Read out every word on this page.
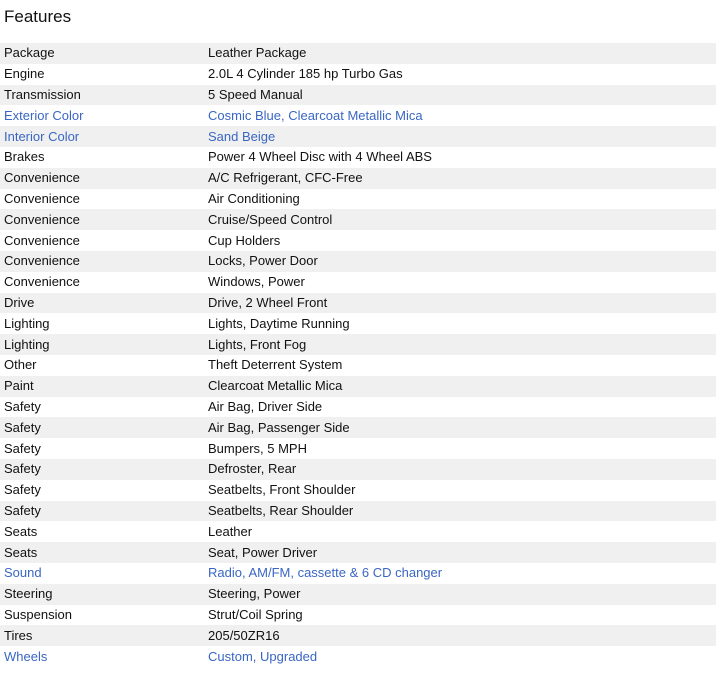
Features
Package	Leather Package
Engine	2.0L 4 Cylinder 185 hp Turbo Gas
Transmission	5 Speed Manual
Exterior Color	Cosmic Blue, Clearcoat Metallic Mica
Interior Color	Sand Beige
Brakes	Power 4 Wheel Disc with 4 Wheel ABS
Convenience	A/C Refrigerant, CFC-Free
Convenience	Air Conditioning
Convenience	Cruise/Speed Control
Convenience	Cup Holders
Convenience	Locks, Power Door
Convenience	Windows, Power
Drive	Drive, 2 Wheel Front
Lighting	Lights, Daytime Running
Lighting	Lights, Front Fog
Other	Theft Deterrent System
Paint	Clearcoat Metallic Mica
Safety	Air Bag, Driver Side
Safety	Air Bag, Passenger Side
Safety	Bumpers, 5 MPH
Safety	Defroster, Rear
Safety	Seatbelts, Front Shoulder
Safety	Seatbelts, Rear Shoulder
Seats	Leather
Seats	Seat, Power Driver
Sound	Radio, AM/FM, cassette & 6 CD changer
Steering	Steering, Power
Suspension	Strut/Coil Spring
Tires	205/50ZR16
Wheels	Custom, Upgraded
